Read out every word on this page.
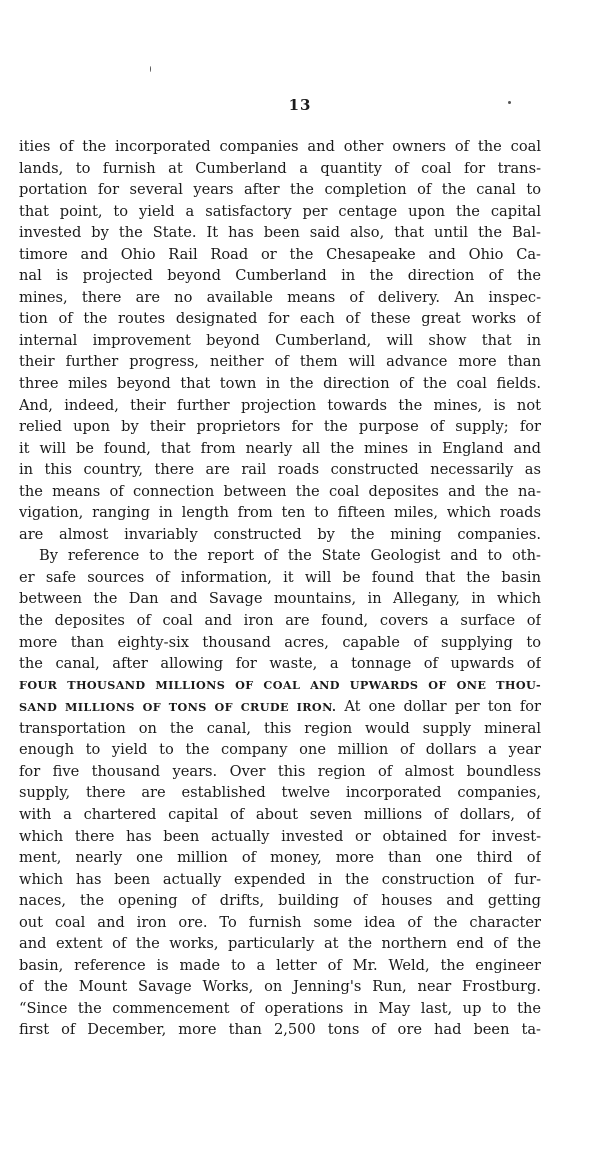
13
ities of the incorporated companies and other owners of the coal
lands, to furnish at Cumberland a quantity of coal for trans-
portation for several years after the completion of the canal to
that point, to yield a satisfactory per centage upon the capital
invested by the State. It has been said also, that until the Bal-
timore and Ohio Rail Road or the Chesapeake and Ohio Ca-
nal is projected beyond Cumberland in the direction of the
mines, there are no available means of delivery. An inspec-
tion of the routes designated for each of these great works of
internal improvement beyond Cumberland, will show that in
their further progress, neither of them will advance more than
three miles beyond that town in the direction of the coal fields.
And, indeed, their further projection towards the mines, is not
relied upon by their proprietors for the purpose of supply; for
it will be found, that from nearly all the mines in England and
in this country, there are rail roads constructed necessarily as
the means of connection between the coal deposites and the na-
vigation, ranging in length from ten to fifteen miles, which roads
are almost invariably constructed by the mining companies.
By reference to the report of the State Geologist and to oth-
er safe sources of information, it will be found that the basin
between the Dan and Savage mountains, in Allegany, in which
the deposites of coal and iron are found, covers a surface of
more than eighty-six thousand acres, capable of supplying to
the canal, after allowing for waste, a tonnage of upwards of
FOUR THOUSAND MILLIONS OF COAL AND UPWARDS OF ONE THOU-
SAND MILLIONS OF TONS OF CRUDE IRON. At one dollar per ton for
transportation on the canal, this region would supply mineral
enough to yield to the company one million of dollars a year
for five thousand years. Over this region of almost boundless
supply, there are established twelve incorporated companies,
with a chartered capital of about seven millions of dollars, of
which there has been actually invested or obtained for invest-
ment, nearly one million of money, more than one third of
which has been actually expended in the construction of fur-
naces, the opening of drifts, building of houses and getting
out coal and iron ore. To furnish some idea of the character
and extent of the works, particularly at the northern end of the
basin, reference is made to a letter of Mr. Weld, the engineer
of the Mount Savage Works, on Jenning's Run, near Frostburg.
“Since the commencement of operations in May last, up to the
first of December, more than 2,500 tons of ore had been ta-
